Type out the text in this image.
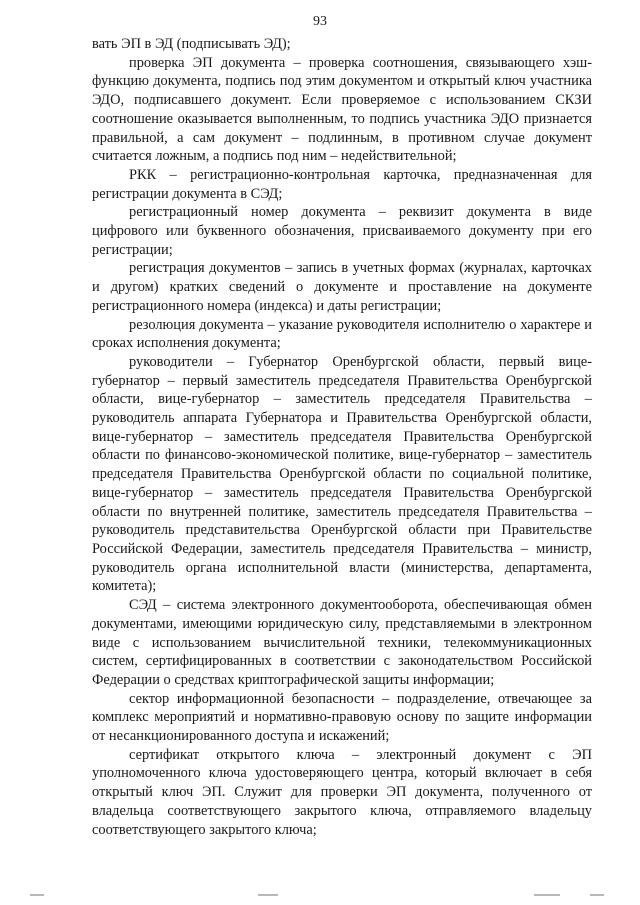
93

вать ЭП в ЭД (подписывать ЭД);

проверка ЭП документа – проверка соотношения, связывающего хэш-функцию документа, подпись под этим документом и открытый ключ участника ЭДО, подписавшего документ. Если проверяемое с использованием СКЗИ соотношение оказывается выполненным, то подпись участника ЭДО признается правильной, а сам документ – подлинным, в противном случае документ считается ложным, а подпись под ним – недействительной;

РКК – регистрационно-контрольная карточка, предназначенная для регистрации документа в СЭД;

регистрационный номер документа – реквизит документа в виде цифрового или буквенного обозначения, присваиваемого документу при его регистрации;

регистрация документов – запись в учетных формах (журналах, карточках и другом) кратких сведений о документе и проставление на документе регистрационного номера (индекса) и даты регистрации;

резолюция документа – указание руководителя исполнителю о характере и сроках исполнения документа;

руководители – Губернатор Оренбургской области, первый вице-губернатор – первый заместитель председателя Правительства Оренбургской области, вице-губернатор – заместитель председателя Правительства – руководитель аппарата Губернатора и Правительства Оренбургской области, вице-губернатор – заместитель председателя Правительства Оренбургской области по финансово-экономической политике, вице-губернатор – заместитель председателя Правительства Оренбургской области по социальной политике, вице-губернатор – заместитель председателя Правительства Оренбургской области по внутренней политике, заместитель председателя Правительства – руководитель представительства Оренбургской области при Правительстве Российской Федерации, заместитель председателя Правительства – министр, руководитель органа исполнительной власти (министерства, департамента, комитета);

СЭД – система электронного документооборота, обеспечивающая обмен документами, имеющими юридическую силу, представляемыми в электронном виде с использованием вычислительной техники, телекоммуникационных систем, сертифицированных в соответствии с законодательством Российской Федерации о средствах криптографической защиты информации;

сектор информационной безопасности – подразделение, отвечающее за комплекс мероприятий и нормативно-правовую основу по защите информации от несанкционированного доступа и искажений;

сертификат открытого ключа – электронный документ с ЭП уполномоченного ключа удостоверяющего центра, который включает в себя открытый ключ ЭП. Служит для проверки ЭП документа, полученного от владельца соответствующего закрытого ключа, отправляемого владельцу соответствующего закрытого ключа;
